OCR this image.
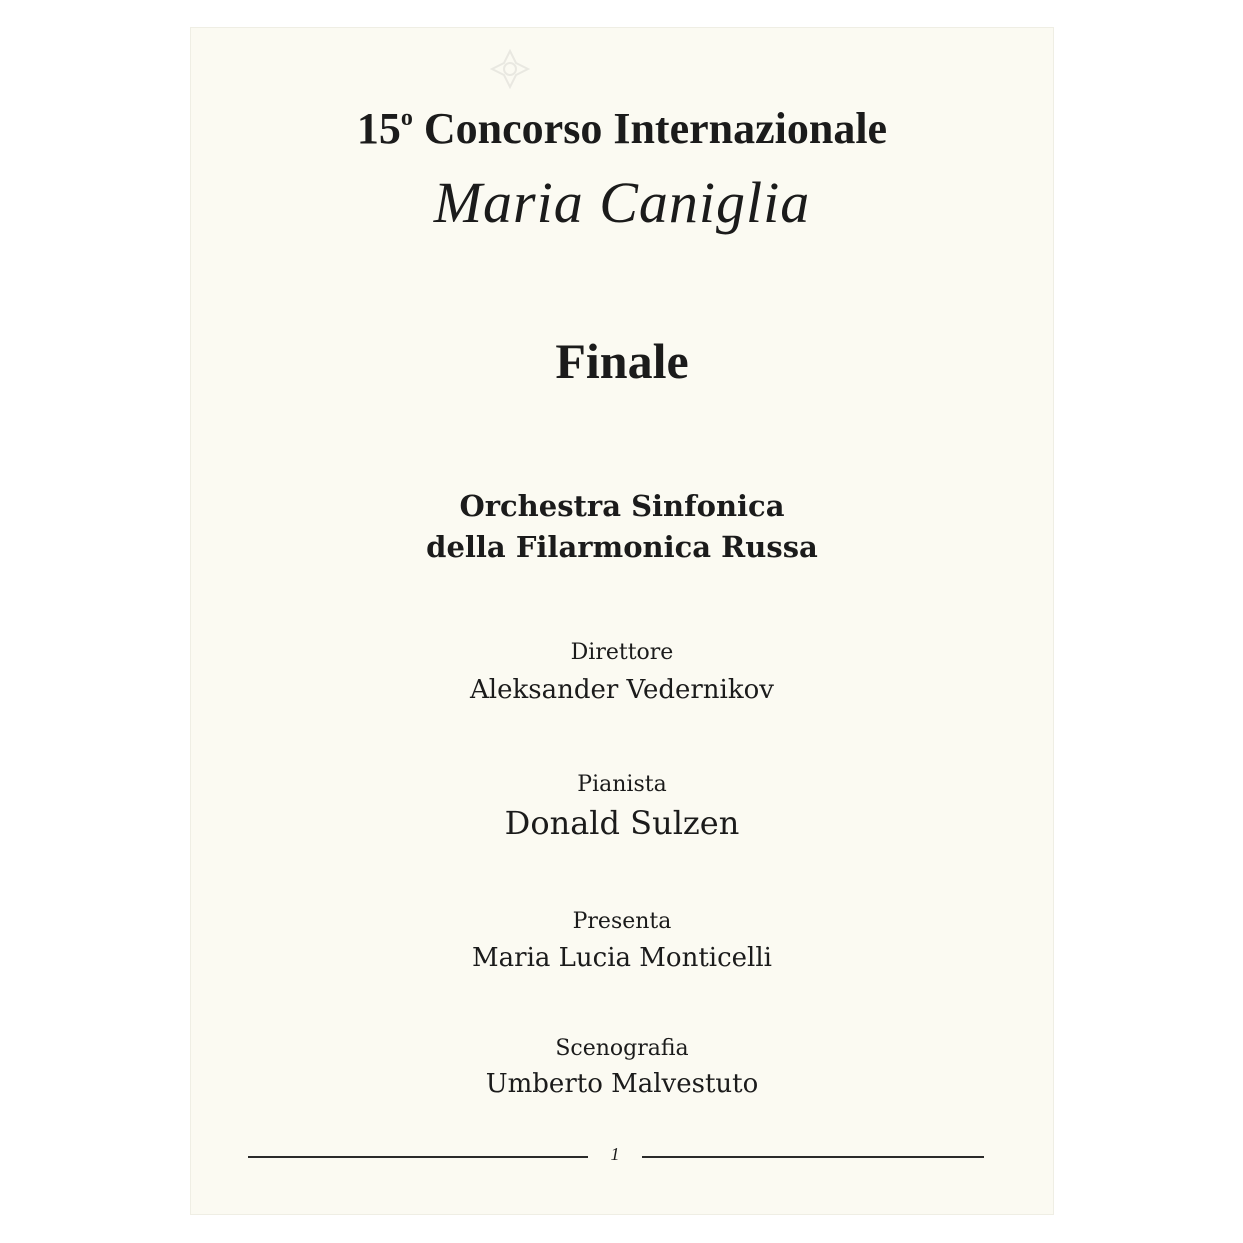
15$^o$ Concorso Internazionale
Maria Caniglia
Finale
Orchestra Sinfonica
della Filarmonica Russa
Direttore
Aleksander Vedernikov
Pianista
Donald Sulzen
Presenta
Maria Lucia Monticelli
Scenografia
Umberto Malvestuto
1
